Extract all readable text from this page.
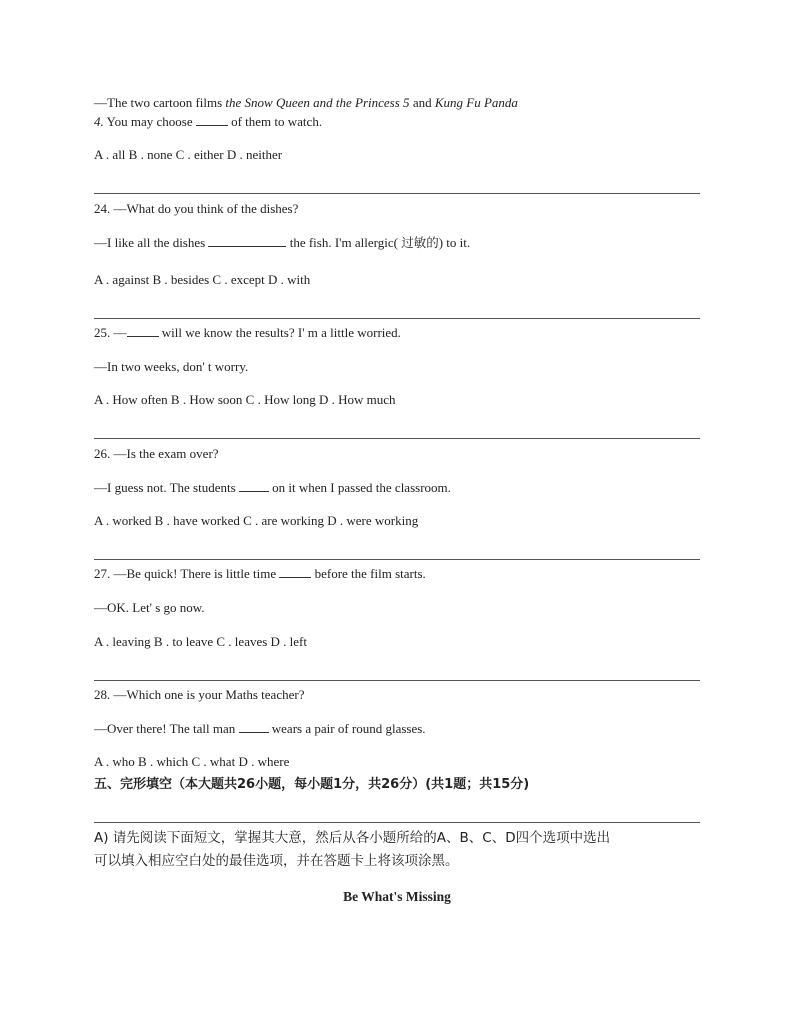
—The two cartoon films the Snow Queen and the Princess 5 and Kung Fu Panda
4. You may choose  of them to watch.
A . all B . none C . either D . neither
24. —What do you think of the dishes?
—I like all the dishes	the fish. I'm allergic( 过敏的) to it.
A . against B . besides C . except D . with
25. — will we know the results? I' m a little worried.
—In two weeks, don' t worry.
A . How often B . How soon C . How long D . How much
26. —Is the exam over?
—I guess not. The students  on it when I passed the classroom.
A . worked B . have worked C . are working D . were working
27. —Be quick! There is little time  before the film starts.
—OK. Let' s go now.
A . leaving B . to leave C . leaves D . left
28. —Which one is your Maths teacher?
—Over there! The tall man  wears a pair of round glasses.
A . who B . which C . what D . where
五、完形填空（本大题共26小题，每小题1分，共26分）(共1题；共15分)
A) 请先阅读下面短文，掌握其大意，然后从各小题所给的A、B、C、D四个选项中选出
可以填入相应空白处的最佳选项，并在答题卡上将该项涂黑。
Be What's Missing
